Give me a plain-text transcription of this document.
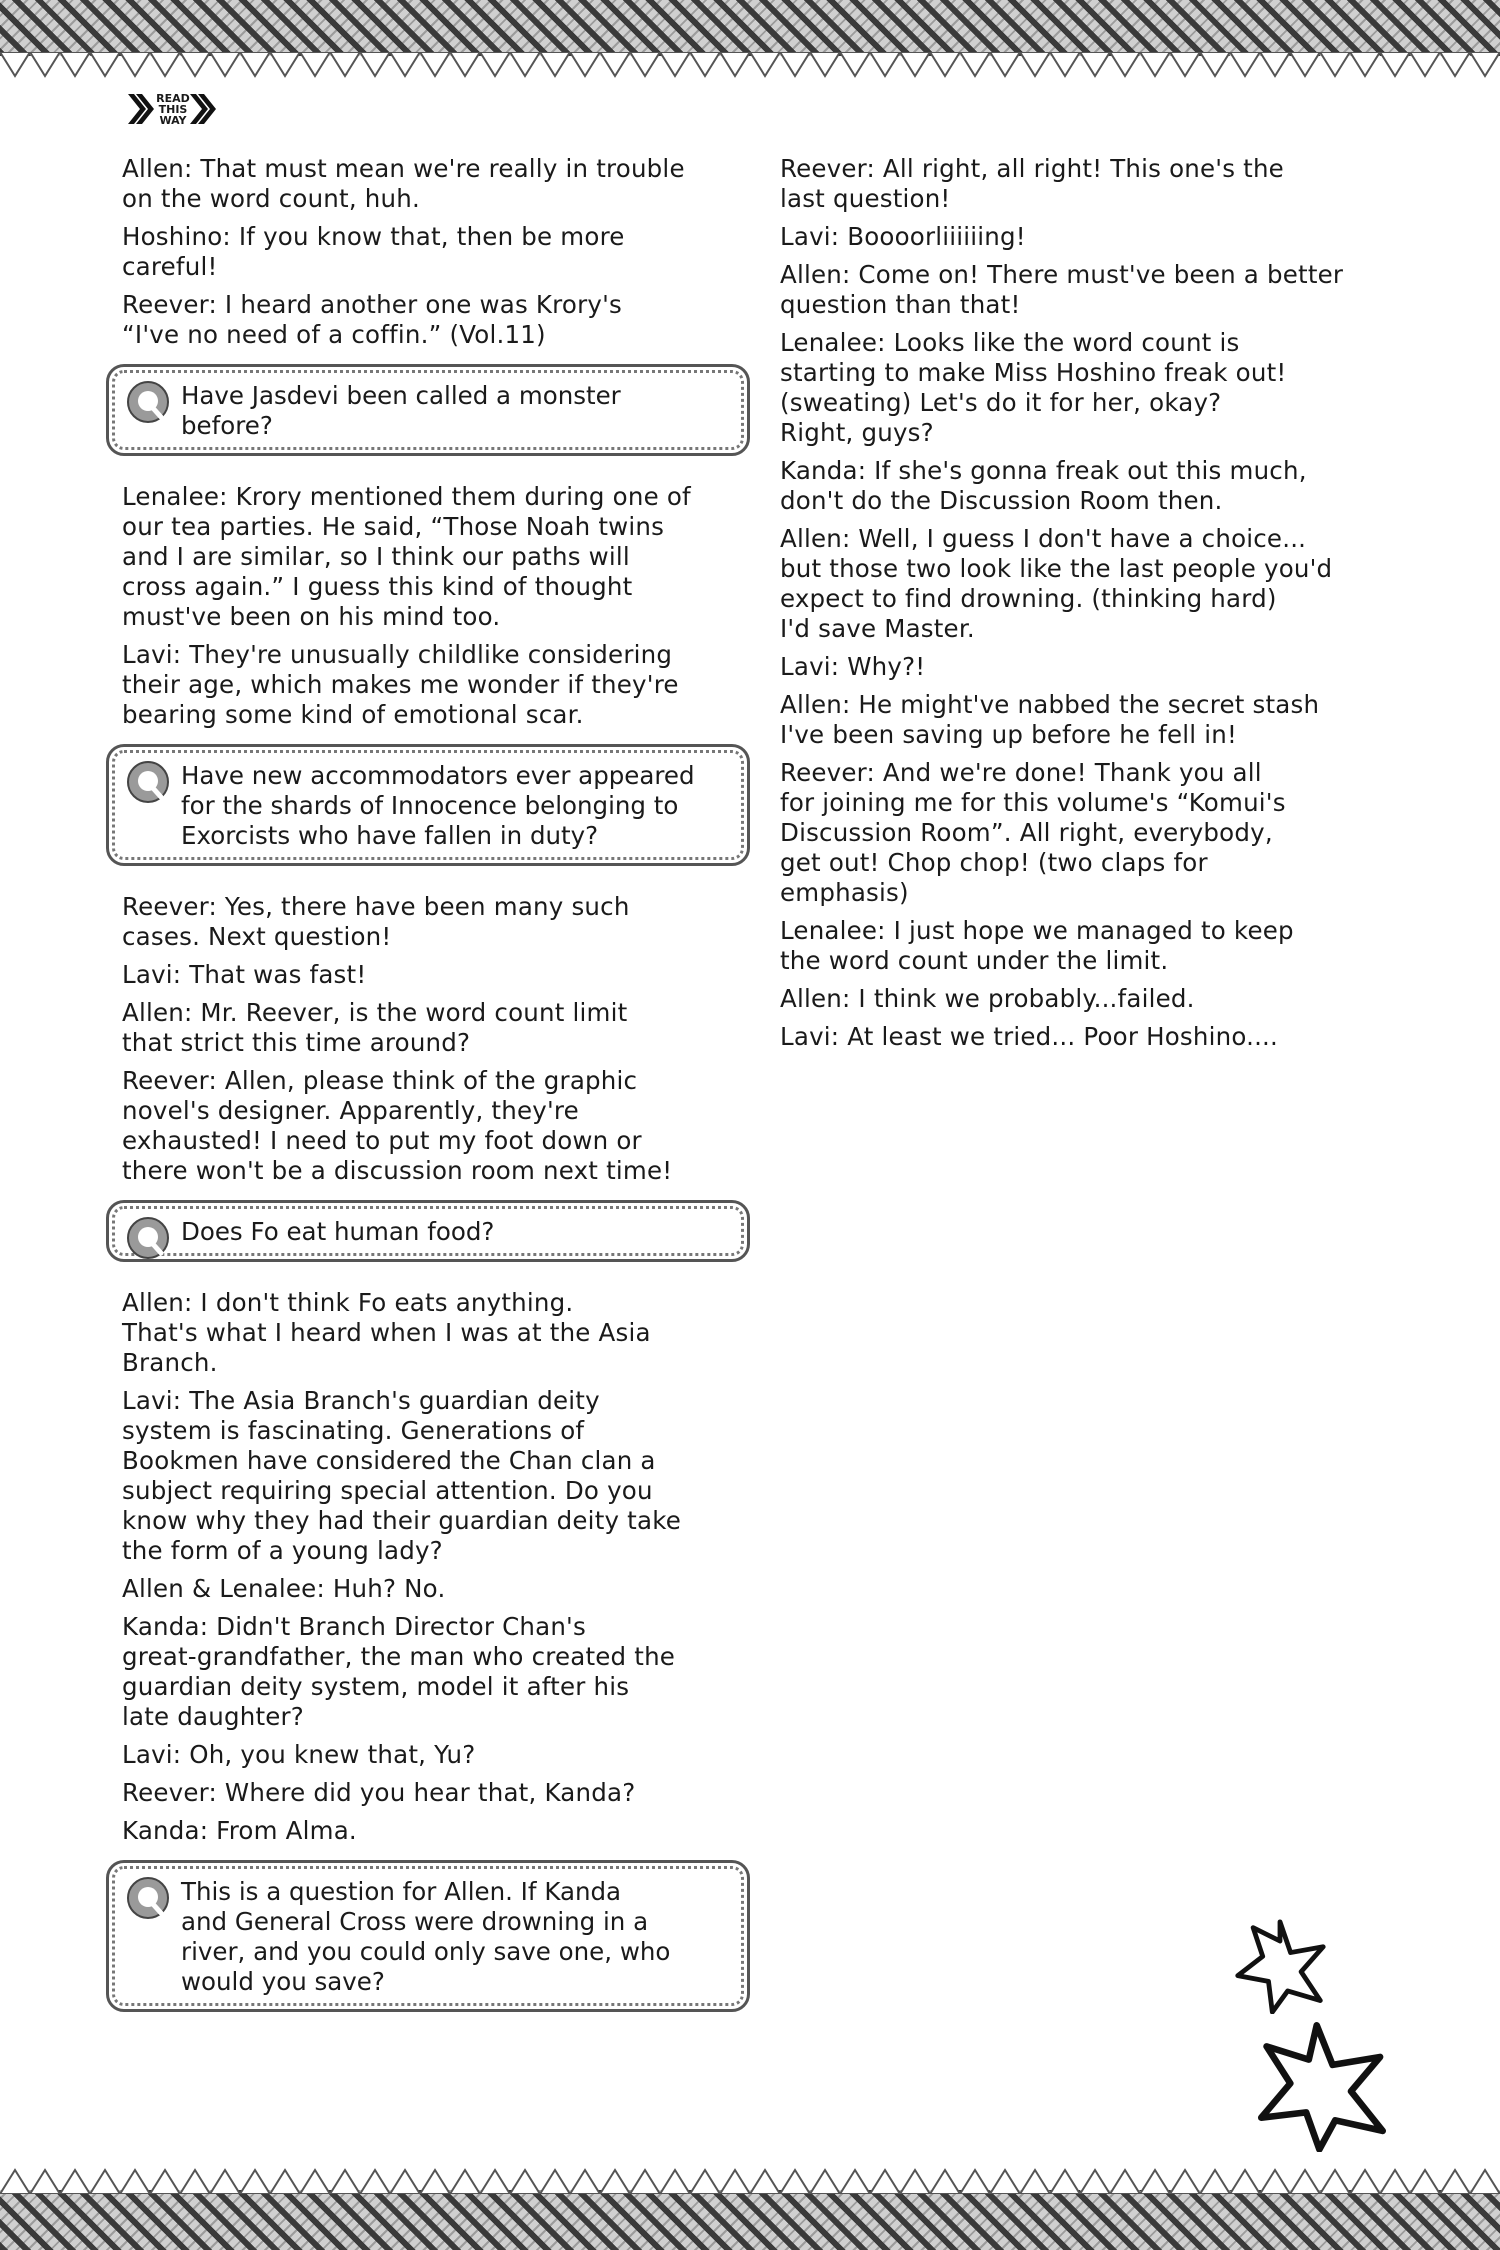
READ
THIS
WAY

Allen: That must mean we're really in trouble
on the word count, huh.

Hoshino: If you know that, then be more
careful!

Reever: I heard another one was Krory's
“I've no need of a coffin.” (Vol.11)

Have Jasdevi been called a monster
before?

Lenalee: Krory mentioned them during one of
our tea parties. He said, “Those Noah twins
and I are similar, so I think our paths will
cross again.” I guess this kind of thought
must've been on his mind too.

Lavi: They're unusually childlike considering
their age, which makes me wonder if they're
bearing some kind of emotional scar.

Have new accommodators ever appeared
for the shards of Innocence belonging to
Exorcists who have fallen in duty?

Reever: Yes, there have been many such
cases. Next question!

Lavi: That was fast!

Allen: Mr. Reever, is the word count limit
that strict this time around?

Reever: Allen, please think of the graphic
novel's designer. Apparently, they're
exhausted! I need to put my foot down or
there won't be a discussion room next time!

Does Fo eat human food?

Allen: I don't think Fo eats anything.
That's what I heard when I was at the Asia
Branch.

Lavi: The Asia Branch's guardian deity
system is fascinating. Generations of
Bookmen have considered the Chan clan a
subject requiring special attention. Do you
know why they had their guardian deity take
the form of a young lady?

Allen & Lenalee: Huh? No.

Kanda: Didn't Branch Director Chan's
great-grandfather, the man who created the
guardian deity system, model it after his
late daughter?

Lavi: Oh, you knew that, Yu?

Reever: Where did you hear that, Kanda?

Kanda: From Alma.

This is a question for Allen. If Kanda
and General Cross were drowning in a
river, and you could only save one, who
would you save?

Reever: All right, all right! This one's the
last question!

Lavi: Boooorliiiiiing!

Allen: Come on! There must've been a better
question than that!

Lenalee: Looks like the word count is
starting to make Miss Hoshino freak out!
(sweating) Let's do it for her, okay?
Right, guys?

Kanda: If she's gonna freak out this much,
don't do the Discussion Room then.

Allen: Well, I guess I don't have a choice...
but those two look like the last people you'd
expect to find drowning. (thinking hard)
I'd save Master.

Lavi: Why?!

Allen: He might've nabbed the secret stash
I've been saving up before he fell in!

Reever: And we're done! Thank you all
for joining me for this volume's “Komui's
Discussion Room”. All right, everybody,
get out! Chop chop! (two claps for
emphasis)

Lenalee: I just hope we managed to keep
the word count under the limit.

Allen: I think we probably...failed.

Lavi: At least we tried... Poor Hoshino....
